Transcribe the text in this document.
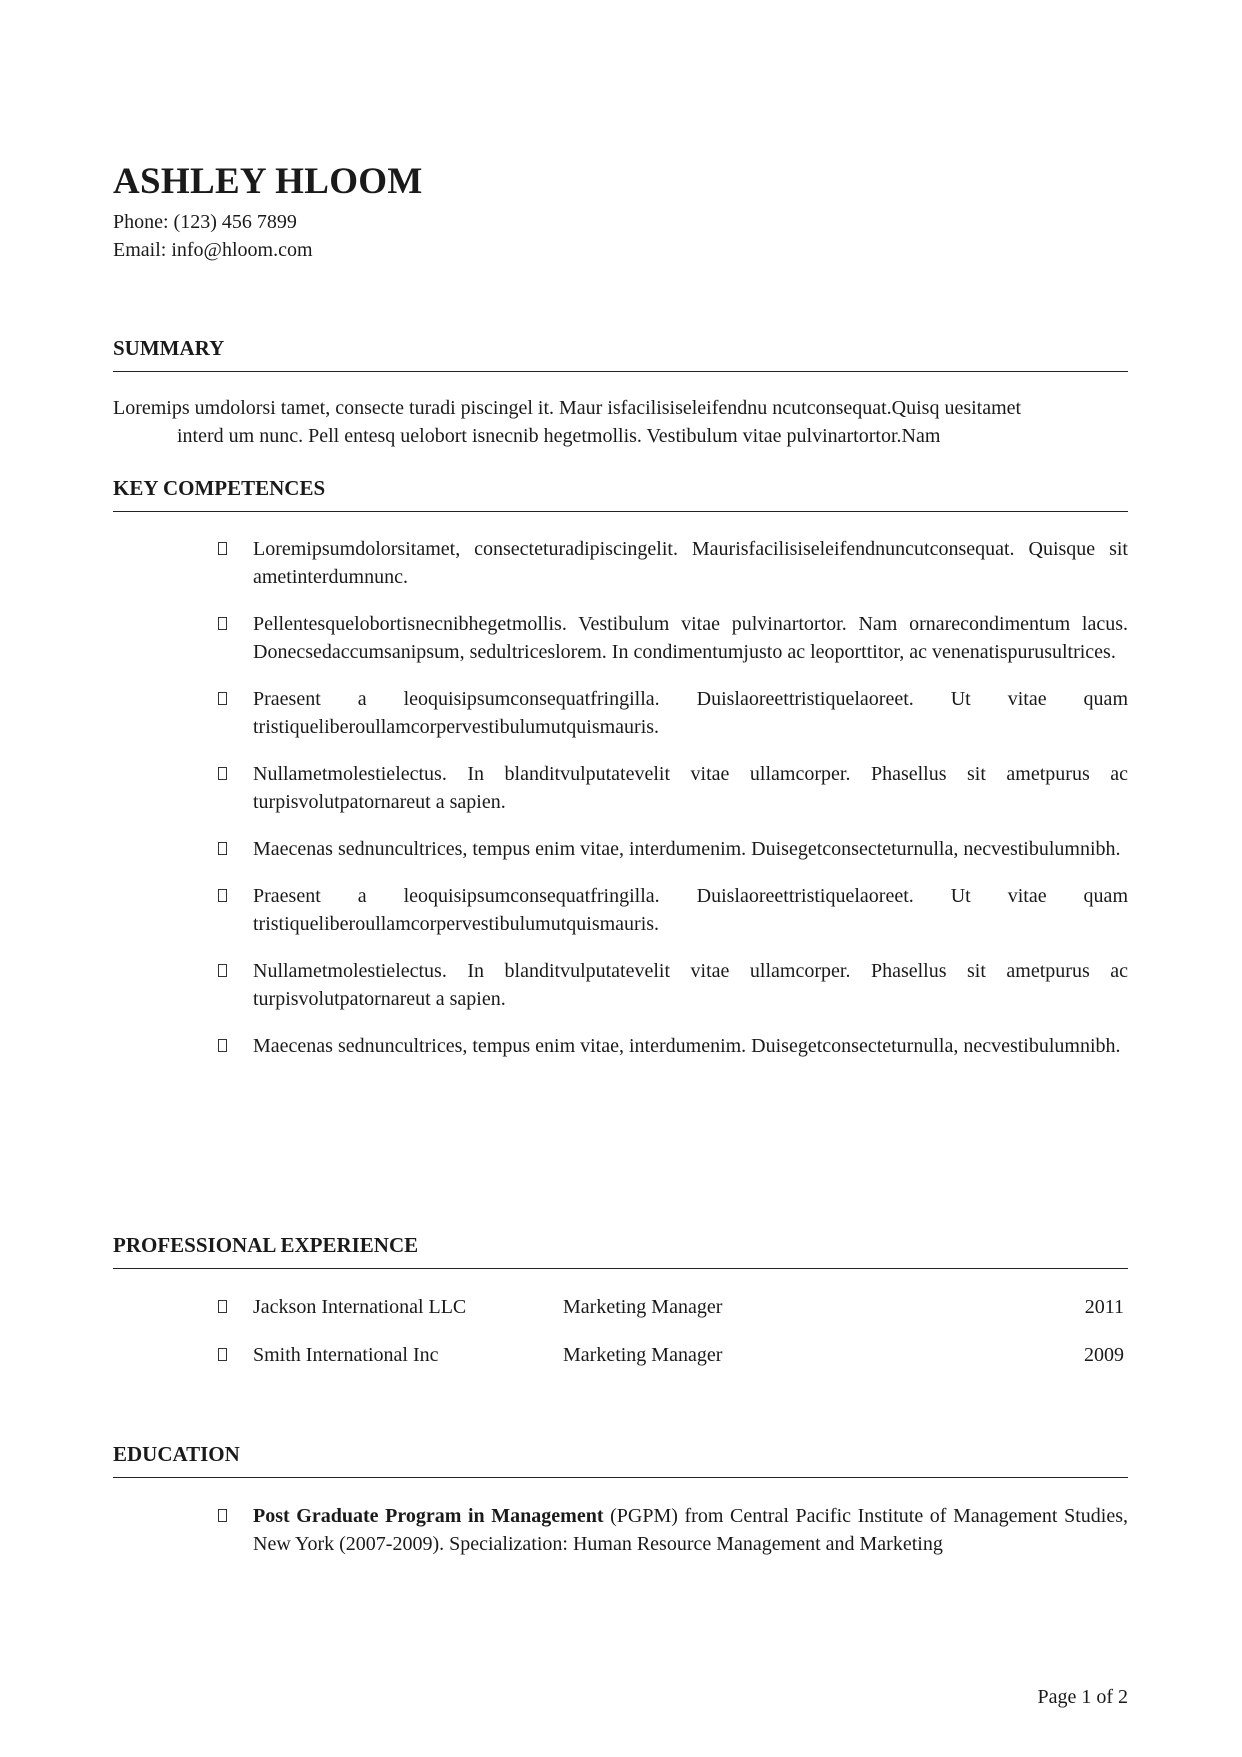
ASHLEY HLOOM
Phone: (123) 456 7899
Email: info@hloom.com
SUMMARY
Loremips umdolorsi tamet, consecte turadi piscingel it. Maur isfacilisiseleifendnu ncutconsequat.Quisq uesitamet
interd um nunc. Pell entesq uelobort isnecnib hegetmollis. Vestibulum vitae pulvinartortor.Nam
KEY COMPETENCES
Loremipsumdolorsitamet, consecteturadipiscingelit. Maurisfacilisiseleifendnuncutconsequat. Quisque sit ametinterdumnunc.
Pellentesquelobortisnecnibhegetmollis. Vestibulum vitae pulvinartortor. Nam ornarecondimentum lacus. Donecsedaccumsanipsum, sedultriceslorem. In condimentumjusto ac leoporttitor, ac venenatispurusultrices.
Praesent a leoquisipsumconsequatfringilla. Duislaoreettristiquelaoreet. Ut vitae quam tristiqueliberoullamcorpervestibulumutquismauris.
Nullametmolestielectus. In blanditvulputatevelit vitae ullamcorper. Phasellus sit ametpurus ac turpisvolutpatornareut a sapien.
Maecenas sednuncultrices, tempus enim vitae, interdumenim. Duisegetconsecteturnulla, necvestibulumnibh.
Praesent a leoquisipsumconsequatfringilla. Duislaoreettristiquelaoreet. Ut vitae quam tristiqueliberoullamcorpervestibulumutquismauris.
Nullametmolestielectus. In blanditvulputatevelit vitae ullamcorper. Phasellus sit ametpurus ac turpisvolutpatornareut a sapien.
Maecenas sednuncultrices, tempus enim vitae, interdumenim. Duisegetconsecteturnulla, necvestibulumnibh.
PROFESSIONAL EXPERIENCE
Jackson International LLC	Marketing Manager	2011
Smith International Inc	Marketing Manager	2009
EDUCATION
Post Graduate Program in Management (PGPM) from Central Pacific Institute of Management Studies, New York (2007-2009). Specialization: Human Resource Management and Marketing
Page 1 of 2
